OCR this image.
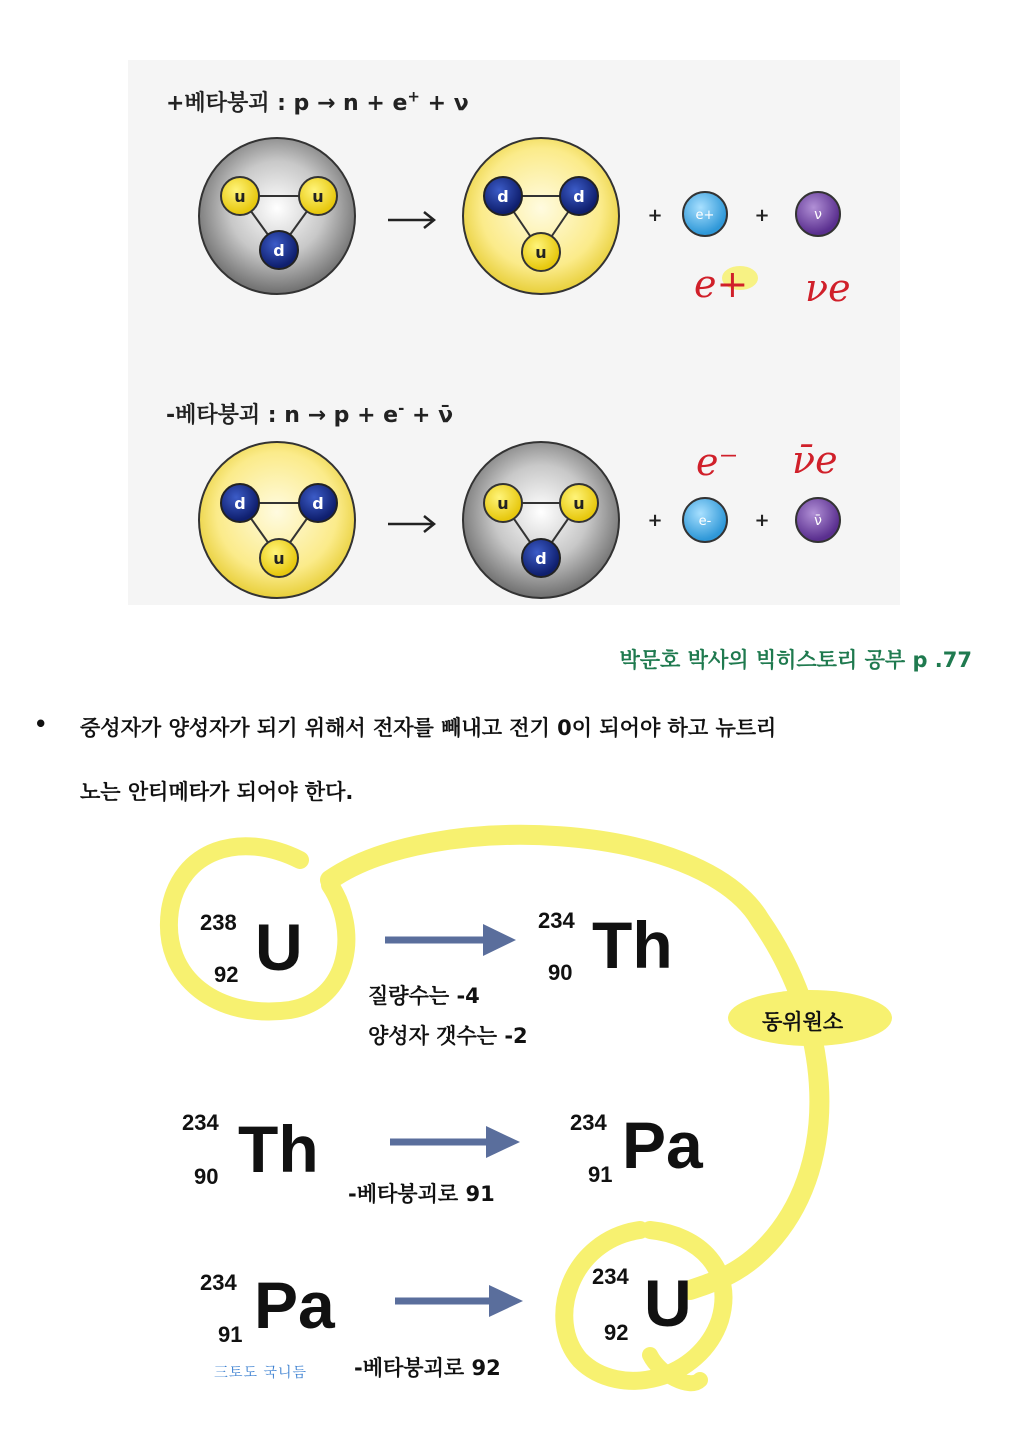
u	u
d
d	d
u
+	e+ +	ν
d	d
u
u	u
d
+	e- +	ν̄
+베타붕괴 : p → n + e+ + ν
-베타붕괴 : n → p + e- + ν̄
e+ νe
e⁻ ν̄e
박문호 박사의 빅히스토리 공부 p .77
• 중성자가 양성자가 되기 위해서 전자를 빼내고 전기 0이 되어야 하고 뉴트리
노는 안티메타가 되어야 한다.
238
92 U	234
90 Th
질량수는 -4
양성자 갯수는 -2
동위원소
234
90 Th	234
91 Pa
-베타붕괴로 91
234
91 Pa	234
92 U
三토도 국니듬 -베타붕괴로 92
